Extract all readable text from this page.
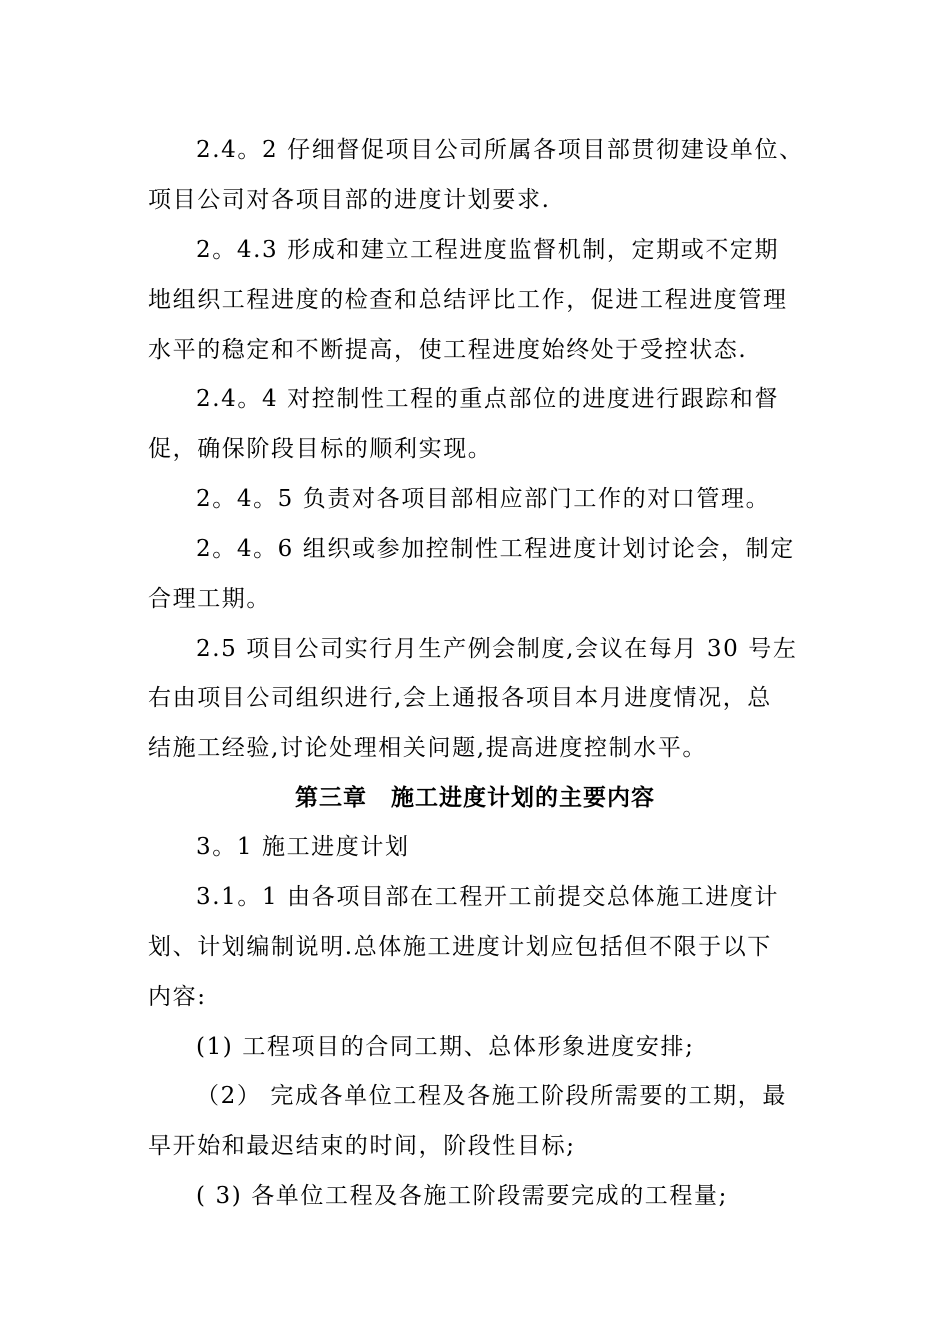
2.4。2 仔细督促项目公司所属各项目部贯彻建设单位、
项目公司对各项目部的进度计划要求.
2。4.3 形成和建立工程进度监督机制，定期或不定期
地组织工程进度的检查和总结评比工作，促进工程进度管理
水平的稳定和不断提高，使工程进度始终处于受控状态.
2.4。4 对控制性工程的重点部位的进度进行跟踪和督
促，确保阶段目标的顺利实现。
2。4。5 负责对各项目部相应部门工作的对口管理。
2。4。6 组织或参加控制性工程进度计划讨论会，制定
合理工期。
2.5 项目公司实行月生产例会制度,会议在每月 30 号左
右由项目公司组织进行,会上通报各项目本月进度情况，总
结施工经验,讨论处理相关问题,提高进度控制水平。
第三章　施工进度计划的主要内容
3。1 施工进度计划
3.1。1 由各项目部在工程开工前提交总体施工进度计
划、计划编制说明.总体施工进度计划应包括但不限于以下
内容:
(1) 工程项目的合同工期、总体形象进度安排;
（2） 完成各单位工程及各施工阶段所需要的工期，最
早开始和最迟结束的时间，阶段性目标;
( 3) 各单位工程及各施工阶段需要完成的工程量;
